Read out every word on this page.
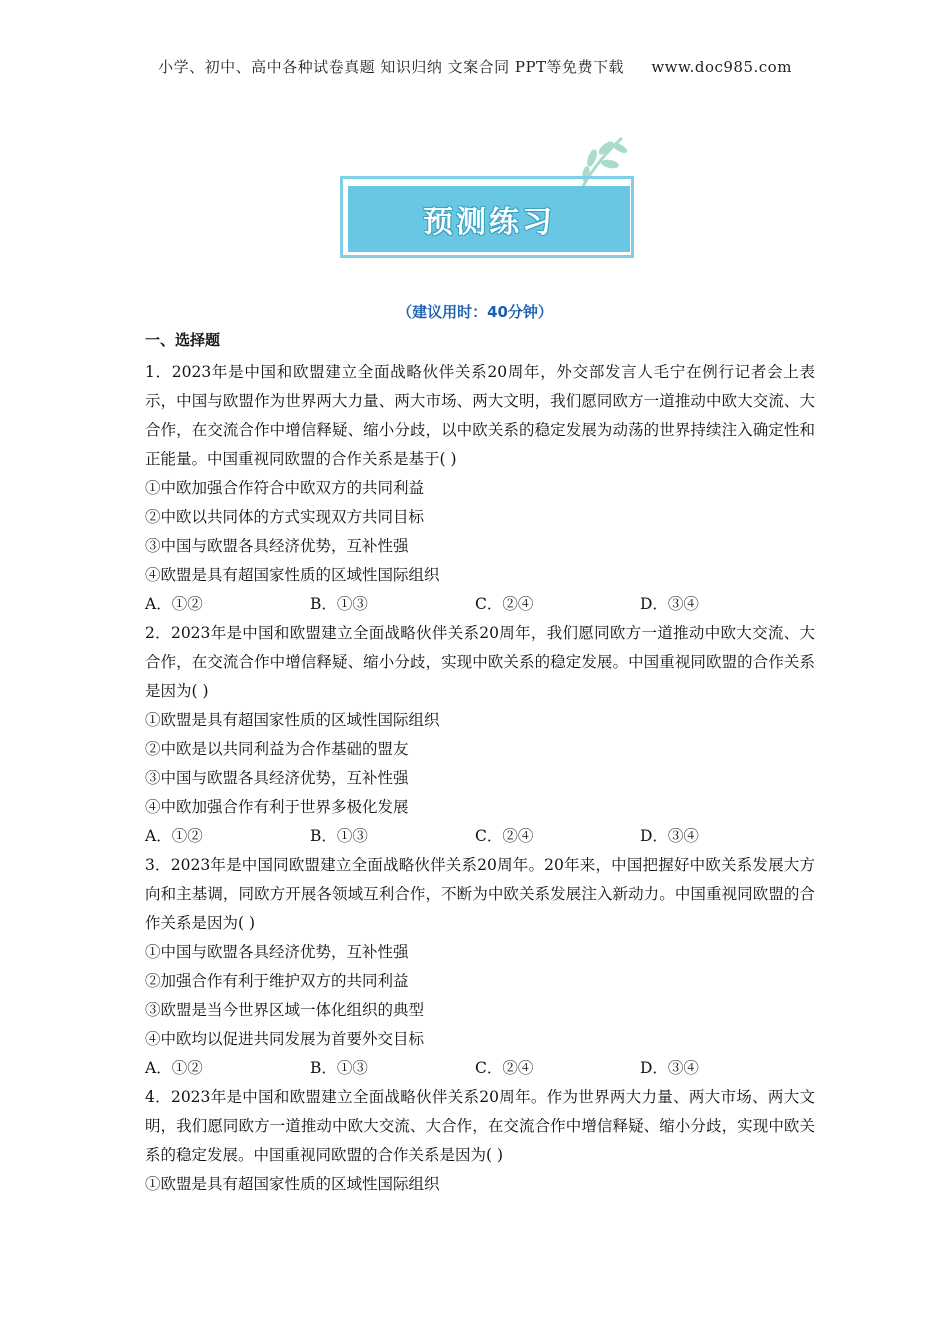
小学、初中、高中各种试卷真题 知识归纳 文案合同 PPT等免费下载 www.doc985.com
预测练习
（建议用时：40分钟）
一、选择题

1．2023年是中国和欧盟建立全面战略伙伴关系20周年，外交部发言人毛宁在例行记者会上表示，中国与欧盟作为世界两大力量、两大市场、两大文明，我们愿同欧方一道推动中欧大交流、大合作，在交流合作中增信释疑、缩小分歧，以中欧关系的稳定发展为动荡的世界持续注入确定性和正能量。中国重视同欧盟的合作关系是基于( )

①中欧加强合作符合中欧双方的共同利益

②中欧以共同体的方式实现双方共同目标

③中国与欧盟各具经济优势，互补性强

④欧盟是具有超国家性质的区域性国际组织

A．①②	B．①③	C．②④	D．③④

2．2023年是中国和欧盟建立全面战略伙伴关系20周年，我们愿同欧方一道推动中欧大交流、大合作，在交流合作中增信释疑、缩小分歧，实现中欧关系的稳定发展。中国重视同欧盟的合作关系是因为( )

①欧盟是具有超国家性质的区域性国际组织

②中欧是以共同利益为合作基础的盟友

③中国与欧盟各具经济优势，互补性强

④中欧加强合作有利于世界多极化发展

A．①②	B．①③	C．②④	D．③④

3．2023年是中国同欧盟建立全面战略伙伴关系20周年。20年来，中国把握好中欧关系发展大方向和主基调，同欧方开展各领域互利合作，不断为中欧关系发展注入新动力。中国重视同欧盟的合作关系是因为( )

①中国与欧盟各具经济优势，互补性强

②加强合作有利于维护双方的共同利益

③欧盟是当今世界区域一体化组织的典型

④中欧均以促进共同发展为首要外交目标

A．①②	B．①③	C．②④	D．③④

4．2023年是中国和欧盟建立全面战略伙伴关系20周年。作为世界两大力量、两大市场、两大文明，我们愿同欧方一道推动中欧大交流、大合作，在交流合作中增信释疑、缩小分歧，实现中欧关系的稳定发展。中国重视同欧盟的合作关系是因为( )

①欧盟是具有超国家性质的区域性国际组织
